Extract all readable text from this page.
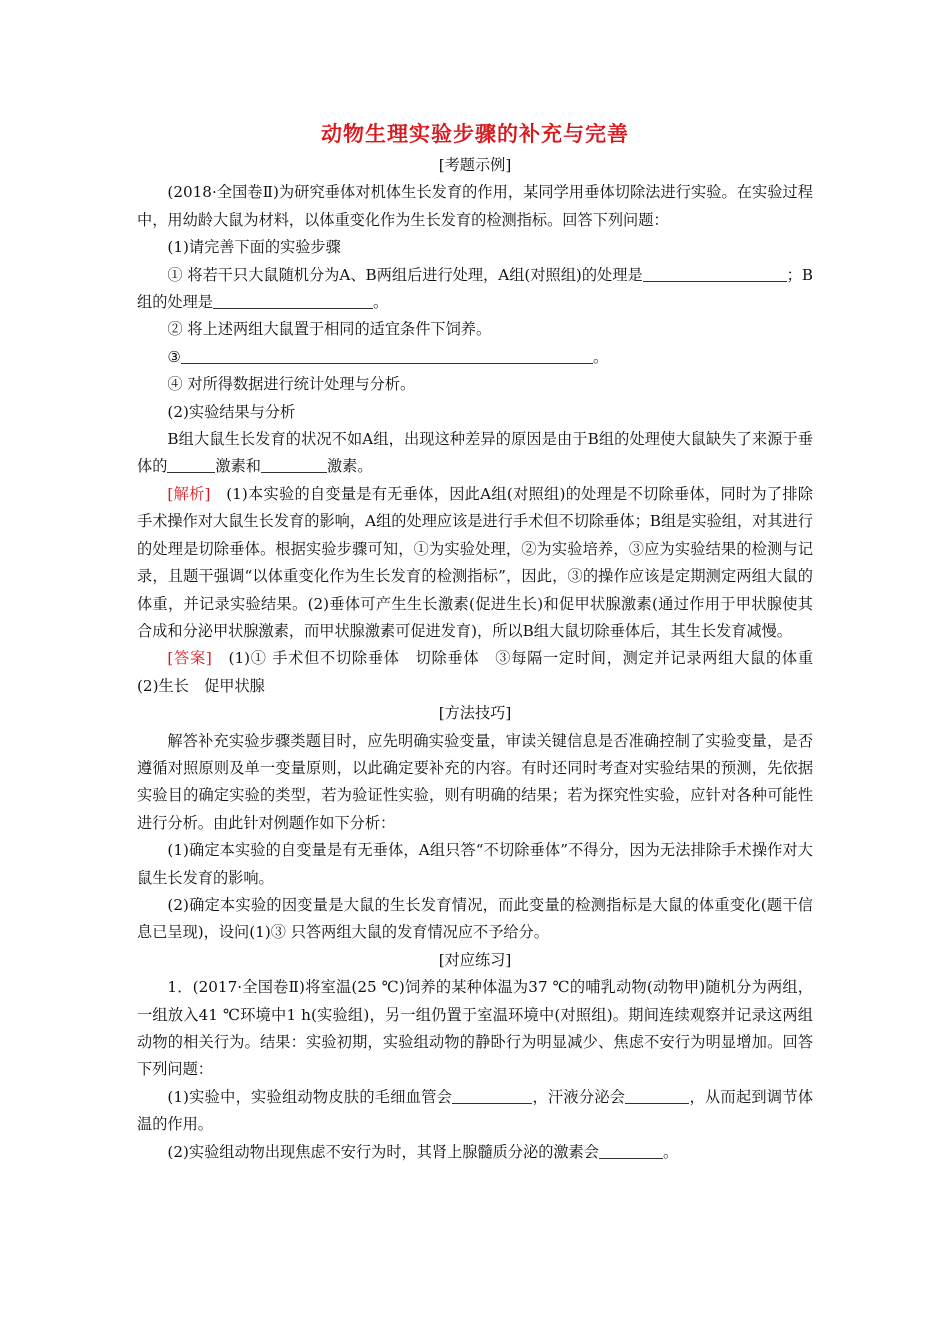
动物生理实验步骤的补充与完善

[考题示例]

(2018·全国卷Ⅱ)为研究垂体对机体生长发育的作用，某同学用垂体切除法进行实验。在实验过程中，用幼龄大鼠为材料，以体重变化作为生长发育的检测指标。回答下列问题：

(1)请完善下面的实验步骤

① 将若干只大鼠随机分为A、B两组后进行处理，A组(对照组)的处理是	；B组的处理是	。

② 将上述两组大鼠置于相同的适宜条件下饲养。

③	。

④ 对所得数据进行统计处理与分析。

(2)实验结果与分析

B组大鼠生长发育的状况不如A组，出现这种差异的原因是由于B组的处理使大鼠缺失了来源于垂体的	激素和	激素。

[解析]　 (1)本实验的自变量是有无垂体，因此A组(对照组)的处理是不切除垂体，同时为了排除手术操作对大鼠生长发育的影响，A组的处理应该是进行手术但不切除垂体；B组是实验组，对其进行的处理是切除垂体。根据实验步骤可知，①为实验处理，②为实验培养，③应为实验结果的检测与记录，且题干强调“以体重变化作为生长发育的检测指标”，因此，③的操作应该是定期测定两组大鼠的体重，并记录实验结果。(2)垂体可产生生长激素(促进生长)和促甲状腺激素(通过作用于甲状腺使其合成和分泌甲状腺激素，而甲状腺激素可促进发育)，所以B组大鼠切除垂体后，其生长发育减慢。

[答案]　 (1)① 手术但不切除垂体　切除垂体　③每隔一定时间，测定并记录两组大鼠的体重　(2)生长　促甲状腺

[方法技巧]

解答补充实验步骤类题目时，应先明确实验变量，审读关键信息是否准确控制了实验变量，是否遵循对照原则及单一变量原则，以此确定要补充的内容。有时还同时考查对实验结果的预测，先依据实验目的确定实验的类型，若为验证性实验，则有明确的结果；若为探究性实验，应针对各种可能性进行分析。由此针对例题作如下分析：

(1)确定本实验的自变量是有无垂体，A组只答“不切除垂体”不得分，因为无法排除手术操作对大鼠生长发育的影响。

(2)确定本实验的因变量是大鼠的生长发育情况，而此变量的检测指标是大鼠的体重变化(题干信息已呈现)，设问(1)③ 只答两组大鼠的发育情况应不予给分。

[对应练习]

1．(2017·全国卷Ⅱ)将室温(25 ℃)饲养的某种体温为37 ℃的哺乳动物(动物甲)随机分为两组，一组放入41 ℃环境中1 h(实验组)，另一组仍置于室温环境中(对照组)。期间连续观察并记录这两组动物的相关行为。结果：实验初期，实验组动物的静卧行为明显减少、焦虑不安行为明显增加。回答下列问题：

(1)实验中，实验组动物皮肤的毛细血管会	，汗液分泌会	，从而起到调节体温的作用。

(2)实验组动物出现焦虑不安行为时，其肾上腺髓质分泌的激素会	。
